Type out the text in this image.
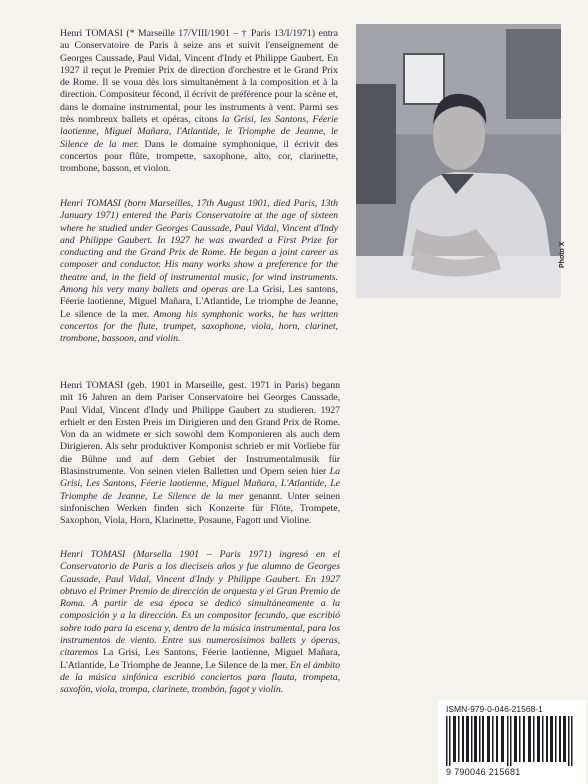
Henri TOMASI (* Marseille 17/VIII/1901 – † Paris 13/I/1971) entra au Conservatoire de Paris à seize ans et suivit l'enseignement de Georges Caussade, Paul Vidal, Vincent d'Indy et Philippe Gaubert. En 1927 il reçut le Premier Prix de direction d'orchestre et le Grand Prix de Rome. Il se voua dès lors simultanément à la composition et à la direction. Compositeur fécond, il écrivit de préférence pour la scène et, dans le domaine instrumental, pour les instruments à vent. Parmi ses très nombreux ballets et opéras, citons la Grisi, les Santons, Féerie laotienne, Miguel Mañara, l'Atlantide, le Triomphe de Jeanne, le Silence de la mer. Dans le domaine symphonique, il écrivit des concertos pour flûte, trompette, saxophone, alto, cor, clarinette, trombone, basson, et violon.
Henri TOMASI (born Marseilles, 17th August 1901, died Paris, 13th January 1971) entered the Paris Conservatoire at the age of sixteen where he studied under Georges Caussade, Paul Vidal, Vincent d'Indy and Philippe Gaubert. In 1927 he was awarded a First Prize for conducting and the Grand Prix de Rome. He began a joint career as composer and conductor. His many works show a preference for the theatre and, in the field of instrumental music, for wind instruments. Among his very many ballets and operas are La Grisi, Les santons, Féerie laotienne, Miguel Mañara, L'Atlantide, Le triomphe de Jeanne, Le silence de la mer. Among his symphonic works, he has written concertos for the flute, trumpet, saxophone, viola, horn, clarinet, trombone, bassoon, and violin.
Photo X
Henri TOMASI (geb. 1901 in Marseille, gest. 1971 in Paris) begann mit 16 Jahren an dem Pariser Conservatoire bei Georges Caussade, Paul Vidal, Vincent d'Indy und Philippe Gaubert zu studieren. 1927 erhielt er den Ersten Preis im Dirigieren und den Grand Prix de Rome. Von da an widmete er sich sowohl dem Komponieren als auch dem Dirigieren. Als sehr produktiver Komponist schrieb er mit Vorliebe für die Bühne und auf dem Gebiet der Instrumentalmusik für Blasinstrumente. Von seinen vielen Balletten und Opern seien hier La Grisi, Les Santons, Féerie laotienne, Miguel Mañara, L'Atlantide, Le Triomphe de Jeanne, Le Silence de la mer genannt. Unter seinen sinfonischen Werken finden sich Konzerte für Flöte, Trompete, Saxophon, Viola, Horn, Klarinette, Posaune, Fagott und Violine.
Henri TOMASI (Marsella 1901 – Paris 1971) ingresó en el Conservatorio de Paris a los dieciseis años y fue alumno de Georges Caussade, Paul Vidal, Vincent d'Indy y Philippe Gaubert. En 1927 obtuvo el Primer Premio de dirección de orquesta y el Gran Premio de Roma. A partir de esa época se dedicó simultáneamente a la composición y a la dirección. Es un compositor fecundo, que escribió sobre todo para la escena y, dentro de la música instrumental, para los instrumentos de viento. Entre sus numerosísimos ballets y óperas, citaremos La Grisi, Les Santons, Féerie laotienne, Miguel Mañara, L'Atlantide, Le Triomphe de Jeanne, Le Silence de la mer. En el ámbito de la música sinfónica escribió conciertos para flauta, trompeta, saxofón, viola, trompa, clarinete, trombón, fagot y violín.
ISMN-979-0-046-21568-1
9 790046 215681
